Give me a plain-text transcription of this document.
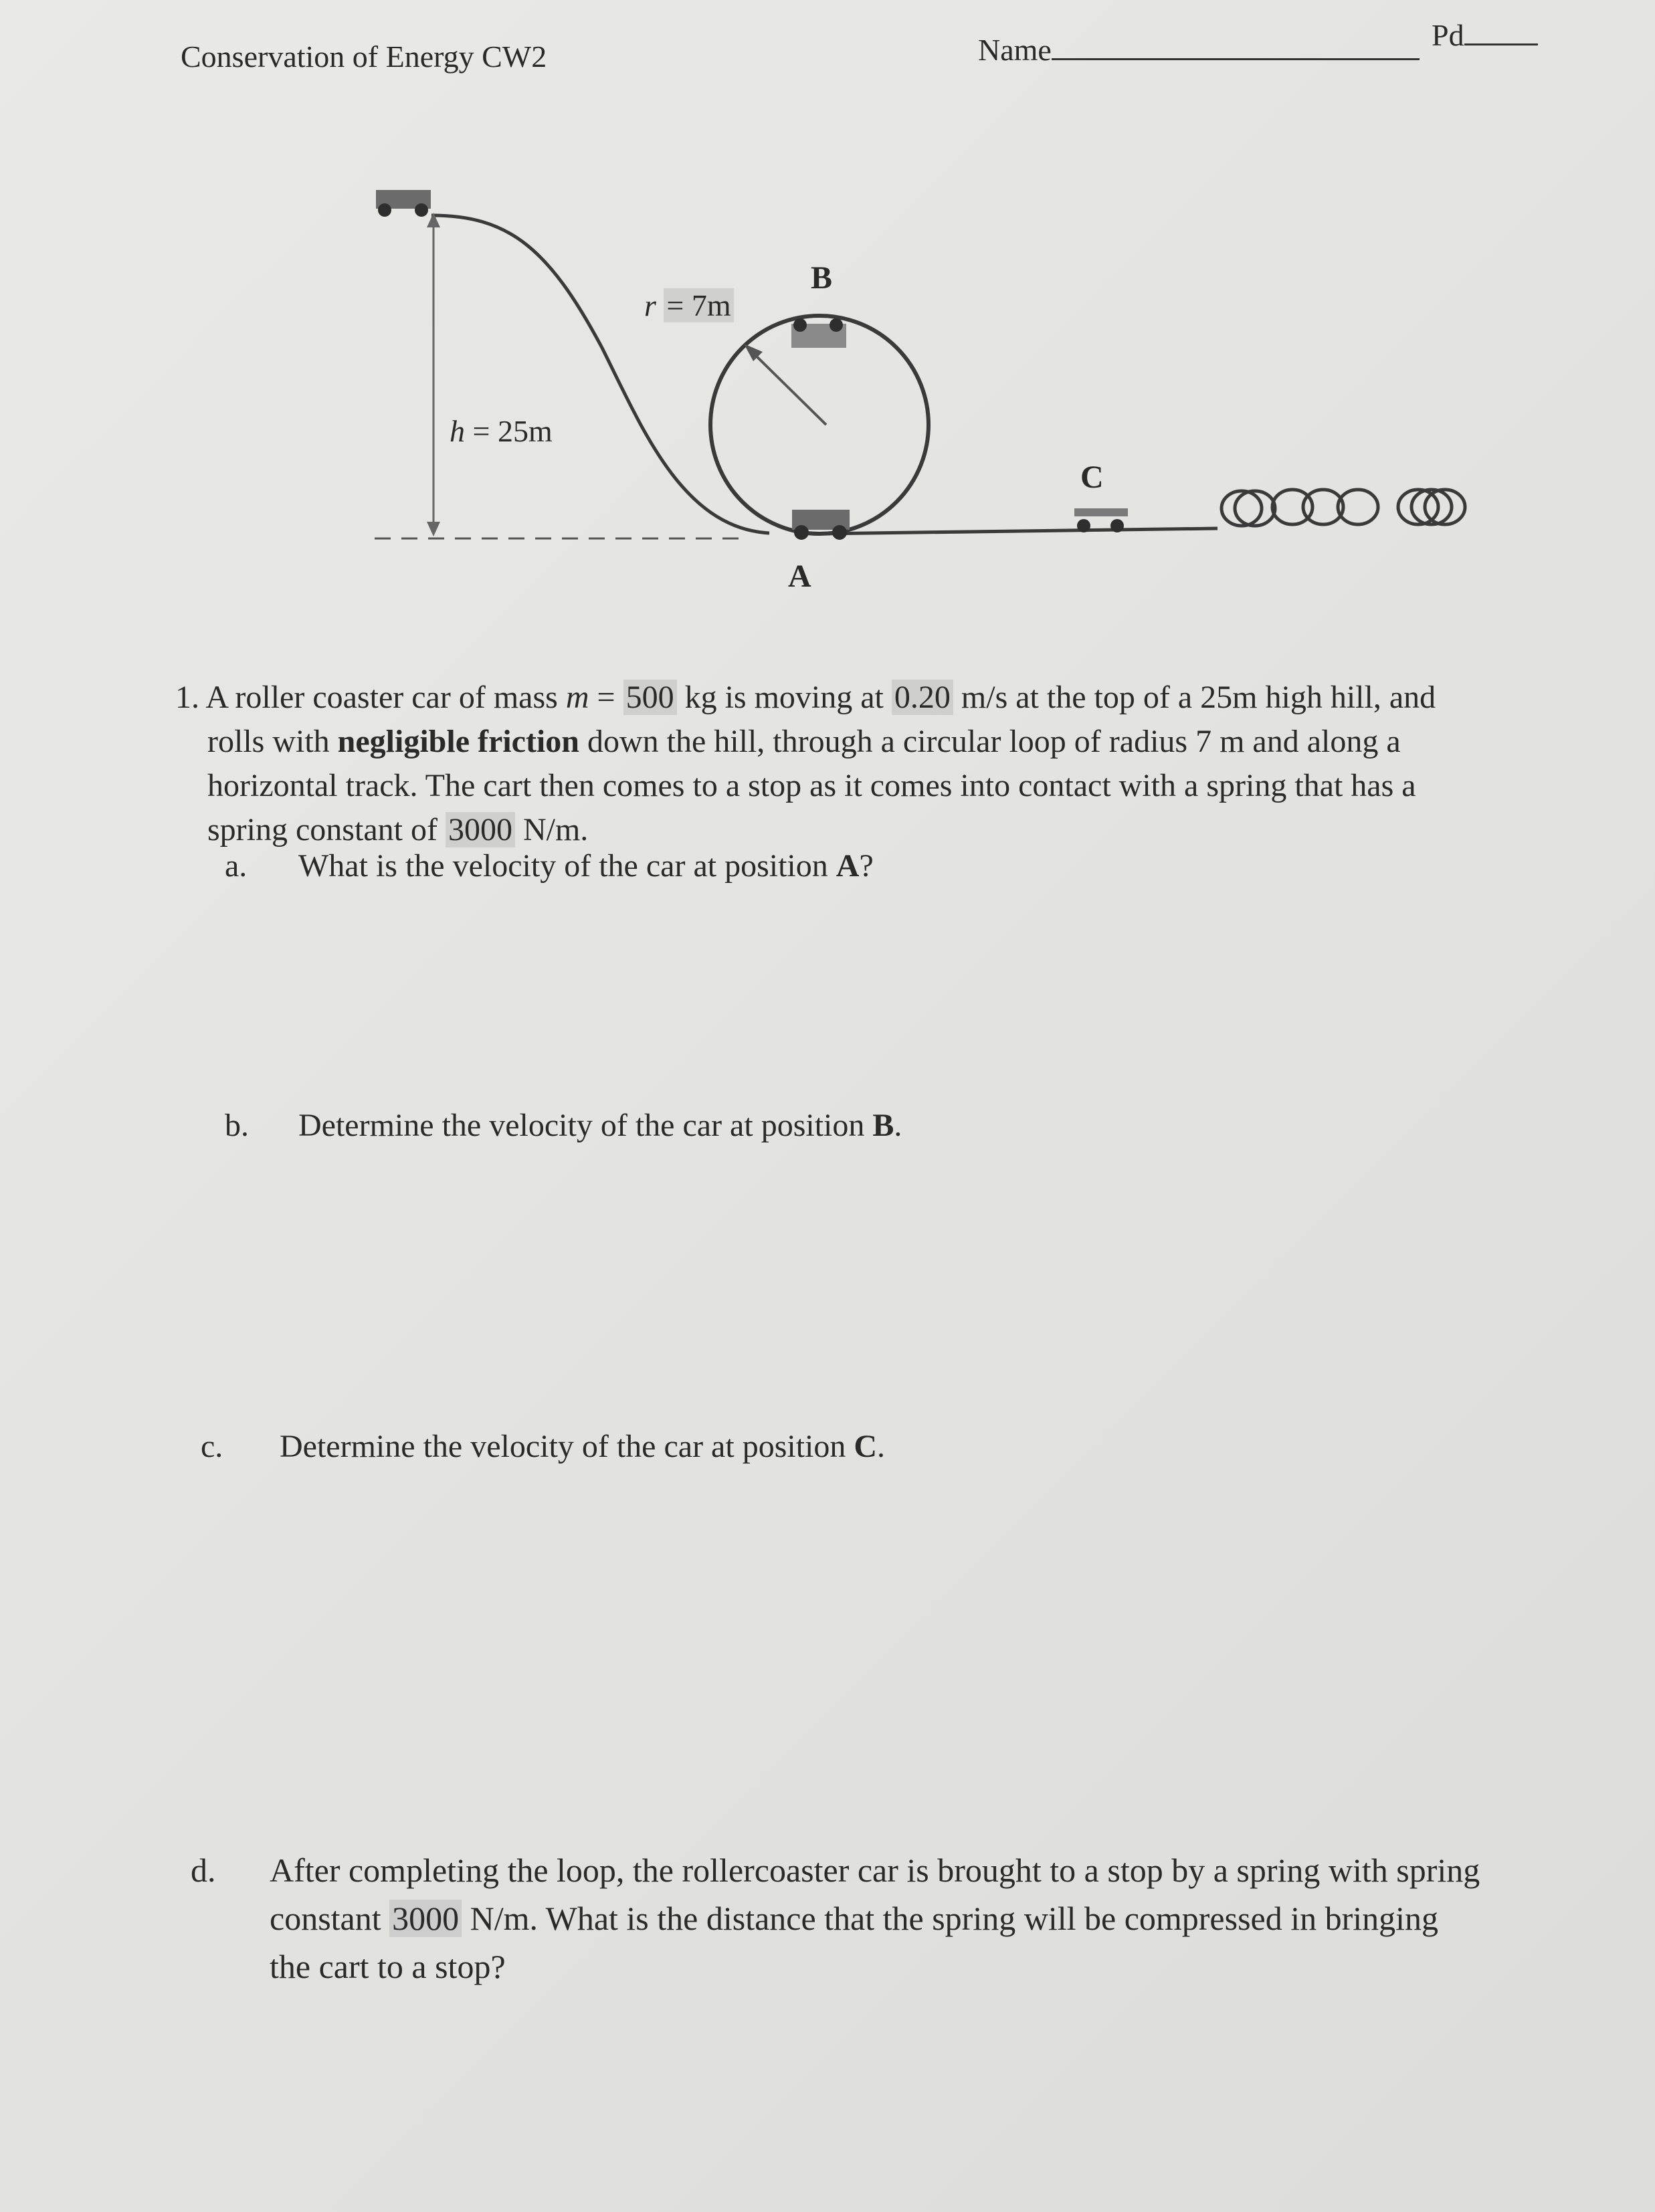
Conservation of Energy CW2	Name	Pd
r = 7m
h = 25m
B
A
C
1. A roller coaster car of mass m = 500 kg is moving at 0.20 m/s at the top of a 25m high hill, and
rolls with negligible friction down the hill, through a circular loop of radius 7 m and along a
horizontal track. The cart then comes to a stop as it comes into contact with a spring that has a
spring constant of 3000 N/m.
a. What is the velocity of the car at position A?
b. Determine the velocity of the car at position B.
c. Determine the velocity of the car at position C.
d. After completing the loop, the rollercoaster car is brought to a stop by a spring with spring
constant 3000 N/m. What is the distance that the spring will be compressed in bringing
the cart to a stop?
